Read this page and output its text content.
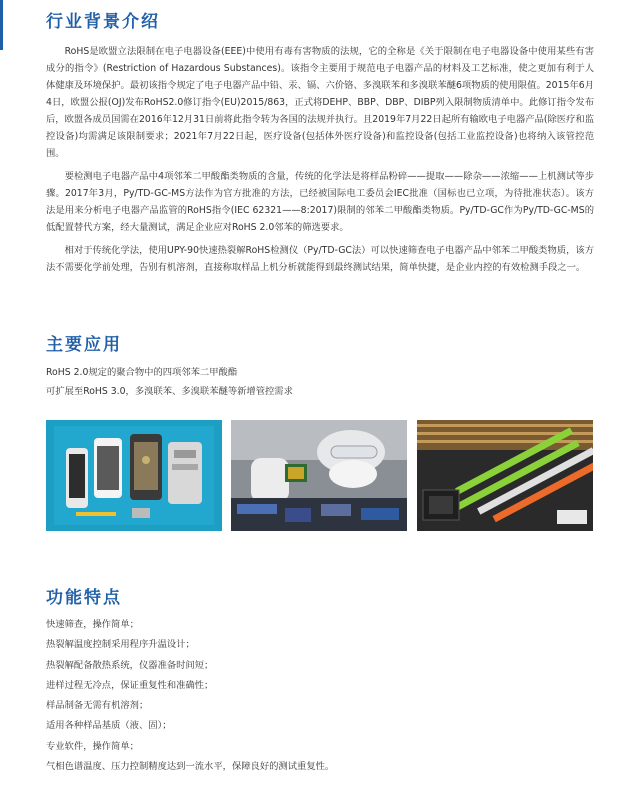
行业背景介绍

RoHS是欧盟立法限制在电子电器设备(EEE)中使用有毒有害物质的法规，它的全称是《关于限制在电子电器设备中使用某些有害成分的指令》(Restriction of Hazardous Substances)。该指令主要用于规范电子电器产品的材料及工艺标准，使之更加有利于人体健康及环境保护。最初该指令规定了电子电器产品中铅、汞、镉、六价铬、多溴联苯和多溴联苯醚6项物质的使用限值。2015年6月4日，欧盟公报(OJ)发布RoHS2.0修订指令(EU)2015/863，正式将DEHP、BBP、DBP、DIBP列入限制物质清单中。此修订指令发布后，欧盟各成员国需在2016年12月31日前将此指令转为各国的法规并执行。且2019年7月22日起所有输欧电子电器产品(除医疗和监控设备)均需满足该限制要求；2021年7月22日起，医疗设备(包括体外医疗设备)和监控设备(包括工业监控设备)也将纳入该管控范围。

要检测电子电器产品中4项邻苯二甲酸酯类物质的含量，传统的化学法是将样品粉碎——提取——除杂——浓缩——上机测试等步骤。2017年3月，Py/TD-GC-MS方法作为官方批准的方法，已经被国际电工委员会IEC批准（国标也已立项，为待批准状态）。该方法是用来分析电子电器产品监管的RoHS指令(IEC 62321——8:2017)限制的邻苯二甲酸酯类物质。Py/TD-GC作为Py/TD-GC-MS的低配置替代方案，经大量测试，满足企业应对RoHS 2.0邻苯的筛选要求。

相对于传统化学法，使用UPY-90快速热裂解RoHS检测仪（Py/TD-GC法）可以快速筛查电子电器产品中邻苯二甲酸类物质，该方法不需要化学前处理，告别有机溶剂，直接称取样品上机分析就能得到最终测试结果，简单快捷，是企业内控的有效检测手段之一。

主要应用
RoHS 2.0规定的聚合物中的四项邻苯二甲酸酯
可扩展至RoHS 3.0，多溴联苯、多溴联苯醚等新增管控需求
功能特点
快速筛查，操作简单；
热裂解温度控制采用程序升温设计；
热裂解配备散热系统，仪器准备时间短；
进样过程无冷点，保证重复性和准确性；
样品制备无需有机溶剂；
适用各种样品基质（液、固）；
专业软件，操作简单；
气相色谱温度、压力控制精度达到一流水平，保障良好的测试重复性。
